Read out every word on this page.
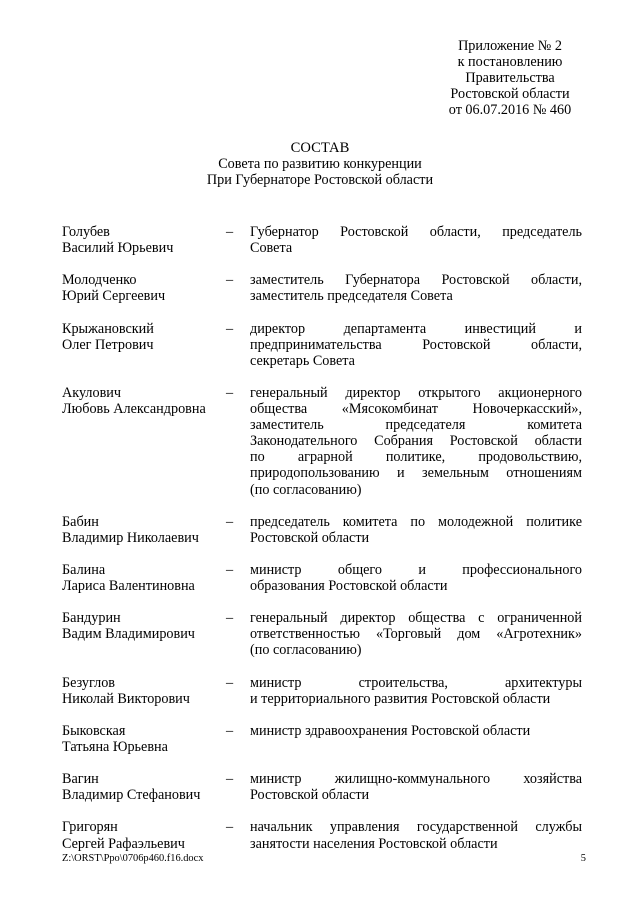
Приложение № 2
к постановлению
Правительства
Ростовской области
от 06.07.2016 № 460
СОСТАВ
Совета по развитию конкуренции
При Губернаторе Ростовской области
Голубев
Василий Юрьевич
–	Губернатор Ростовской области, председатель
Совета
Молодченко
Юрий Сергеевич
–	заместитель Губернатора Ростовской области,
заместитель председателя Совета
Крыжановский
Олег Петрович
–	директор департамента инвестиций и
предпринимательства Ростовской области,
секретарь Совета
Акулович
Любовь Александровна
–	генеральный директор открытого акционерного
общества «Мясокомбинат Новочеркасский»,
заместитель председателя комитета
Законодательного Собрания Ростовской области
по аграрной политике, продовольствию,
природопользованию и земельным отношениям
(по согласованию)
Бабин
Владимир Николаевич
–	председатель комитета по молодежной политике
Ростовской области
Балина
Лариса Валентиновна
–	министр общего и профессионального
образования Ростовской области
Бандурин
Вадим Владимирович
–	генеральный директор общества с ограниченной
ответственностью «Торговый дом «Агротехник»
(по согласованию)
Безуглов
Николай Викторович
–	министр строительства, архитектуры
и территориального развития Ростовской области
Быковская
Татьяна Юрьевна
–	министр здравоохранения Ростовской области
Вагин
Владимир Стефанович
–	министр жилищно-коммунального хозяйства
Ростовской области
Григорян
Сергей Рафаэльевич
–	начальник управления государственной службы
занятости населения Ростовской области
Z:\ORST\Ppo\0706p460.f16.docx	5
